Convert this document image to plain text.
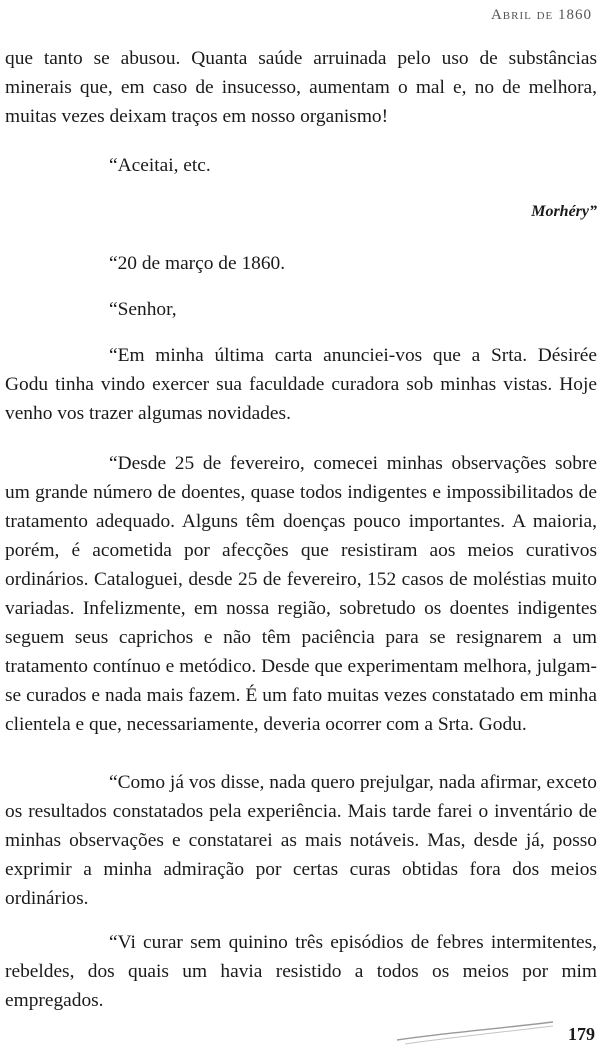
Abril de 1860

que tanto se abusou. Quanta saúde arruinada pelo uso de substâncias minerais que, em caso de insucesso, aumentam o mal e, no de melhora, muitas vezes deixam traços em nosso organismo!

“Aceitai, etc.

Morhéry”

“20 de março de 1860.

“Senhor,

“Em minha última carta anunciei-vos que a Srta. Désirée Godu tinha vindo exercer sua faculdade curadora sob minhas vistas. Hoje venho vos trazer algumas novidades.

“Desde 25 de fevereiro, comecei minhas observações sobre um grande número de doentes, quase todos indigentes e impossibilitados de tratamento adequado. Alguns têm doenças pouco importantes. A maioria, porém, é acometida por afecções que resistiram aos meios curativos ordinários. Cataloguei, desde 25 de fevereiro, 152 casos de moléstias muito variadas. Infelizmente, em nossa região, sobretudo os doentes indigentes seguem seus caprichos e não têm paciência para se resignarem a um tratamento contínuo e metódico. Desde que experimentam melhora, julgam-se curados e nada mais fazem. É um fato muitas vezes constatado em minha clientela e que, necessariamente, deveria ocorrer com a Srta. Godu.

“Como já vos disse, nada quero prejulgar, nada afirmar, exceto os resultados constatados pela experiência. Mais tarde farei o inventário de minhas observações e constatarei as mais notáveis. Mas, desde já, posso exprimir a minha admiração por certas curas obtidas fora dos meios ordinários.

“Vi curar sem quinino três episódios de febres intermitentes, rebeldes, dos quais um havia resistido a todos os meios por mim empregados.

179
